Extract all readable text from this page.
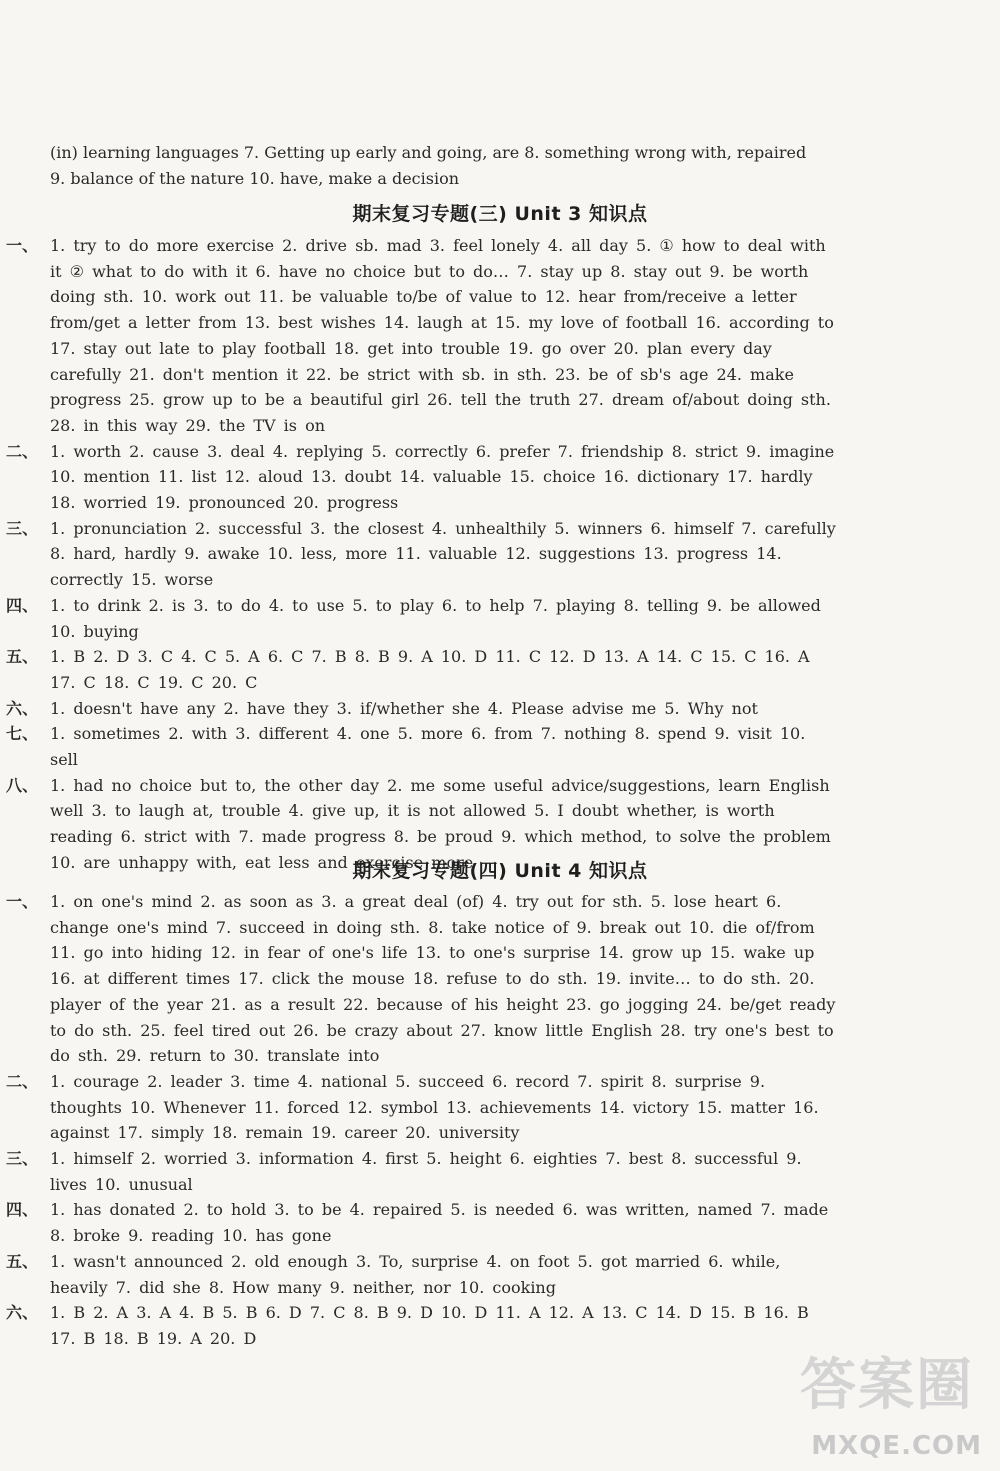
(in) learning languages 7. Getting up early and going, are 8. something wrong with, repaired
9. balance of the nature 10. have, make a decision
期末复习专题(三) Unit 3 知识点
一、 1. try to do more exercise 2. drive sb. mad 3. feel lonely 4. all day 5. ① how to deal with it ② what to do with it 6. have no choice but to do… 7. stay up 8. stay out 9. be worth doing sth. 10. work out 11. be valuable to/be of value to 12. hear from/receive a letter from/get a letter from 13. best wishes 14. laugh at 15. my love of football 16. according to 17. stay out late to play football 18. get into trouble 19. go over 20. plan every day carefully 21. don't mention it 22. be strict with sb. in sth. 23. be of sb's age 24. make progress 25. grow up to be a beautiful girl 26. tell the truth 27. dream of/about doing sth. 28. in this way 29. the TV is on
二、 1. worth 2. cause 3. deal 4. replying 5. correctly 6. prefer 7. friendship 8. strict 9. imagine 10. mention 11. list 12. aloud 13. doubt 14. valuable 15. choice 16. dictionary 17. hardly 18. worried 19. pronounced 20. progress
三、 1. pronunciation 2. successful 3. the closest 4. unhealthily 5. winners 6. himself 7. carefully 8. hard, hardly 9. awake 10. less, more 11. valuable 12. suggestions 13. progress 14. correctly 15. worse
四、 1. to drink 2. is 3. to do 4. to use 5. to play 6. to help 7. playing 8. telling 9. be allowed 10. buying
五、 1. B 2. D 3. C 4. C 5. A 6. C 7. B 8. B 9. A 10. D 11. C 12. D 13. A 14. C 15. C 16. A 17. C 18. C 19. C 20. C
六、 1. doesn't have any 2. have they 3. if/whether she 4. Please advise me 5. Why not
七、 1. sometimes 2. with 3. different 4. one 5. more 6. from 7. nothing 8. spend 9. visit 10. sell
八、 1. had no choice but to, the other day 2. me some useful advice/suggestions, learn English well 3. to laugh at, trouble 4. give up, it is not allowed 5. I doubt whether, is worth reading 6. strict with 7. made progress 8. be proud 9. which method, to solve the problem 10. are unhappy with, eat less and exercise more
期末复习专题(四) Unit 4 知识点
一、 1. on one's mind 2. as soon as 3. a great deal (of) 4. try out for sth. 5. lose heart 6. change one's mind 7. succeed in doing sth. 8. take notice of 9. break out 10. die of/from 11. go into hiding 12. in fear of one's life 13. to one's surprise 14. grow up 15. wake up 16. at different times 17. click the mouse 18. refuse to do sth. 19. invite… to do sth. 20. player of the year 21. as a result 22. because of his height 23. go jogging 24. be/get ready to do sth. 25. feel tired out 26. be crazy about 27. know little English 28. try one's best to do sth. 29. return to 30. translate into
二、 1. courage 2. leader 3. time 4. national 5. succeed 6. record 7. spirit 8. surprise 9. thoughts 10. Whenever 11. forced 12. symbol 13. achievements 14. victory 15. matter 16. against 17. simply 18. remain 19. career 20. university
三、 1. himself 2. worried 3. information 4. first 5. height 6. eighties 7. best 8. successful 9. lives 10. unusual
四、 1. has donated 2. to hold 3. to be 4. repaired 5. is needed 6. was written, named 7. made 8. broke 9. reading 10. has gone
五、 1. wasn't announced 2. old enough 3. To, surprise 4. on foot 5. got married 6. while, heavily 7. did she 8. How many 9. neither, nor 10. cooking
六、 1. B 2. A 3. A 4. B 5. B 6. D 7. C 8. B 9. D 10. D 11. A 12. A 13. C 14. D 15. B 16. B 17. B 18. B 19. A 20. D
答案圈
MXQE.COM
